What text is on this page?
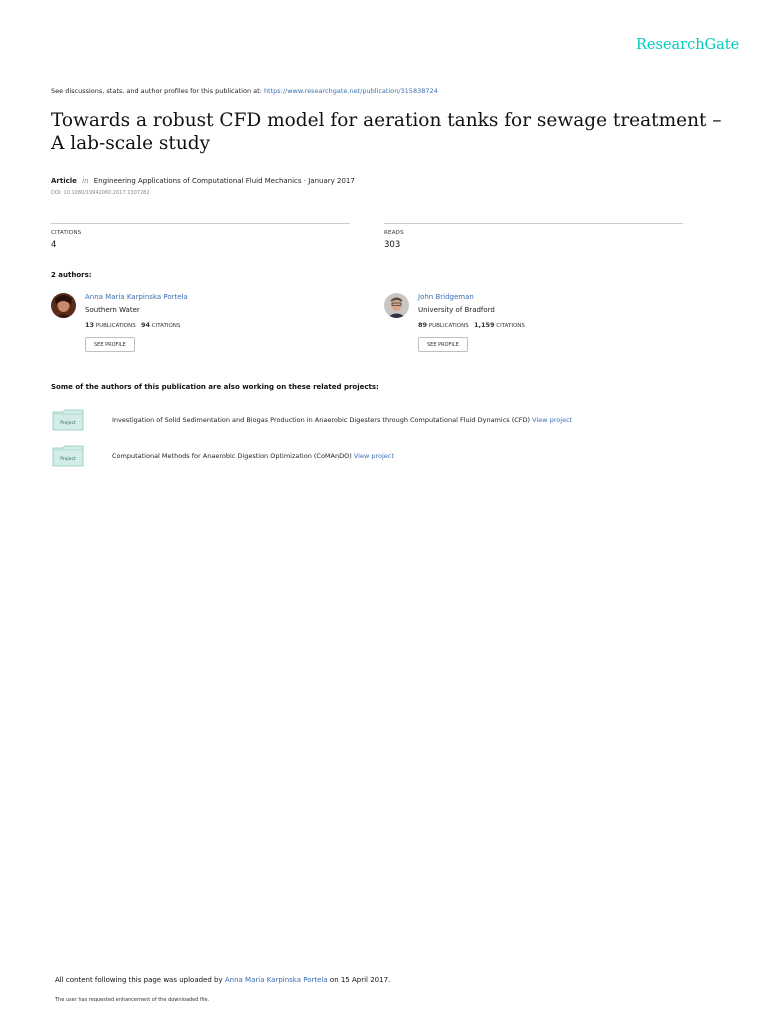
ResearchGate
See discussions, stats, and author profiles for this publication at: https://www.researchgate.net/publication/315838724
Towards a robust CFD model for aeration tanks for sewage treatment – A lab-scale study
Article in Engineering Applications of Computational Fluid Mechanics · January 2017
DOI: 10.1080/19942060.2017.1307282
CITATIONS
4
READS
303
2 authors:
Anna Maria Karpinska Portela
Southern Water
13 PUBLICATIONS 94 CITATIONS
SEE PROFILE
John Bridgeman
University of Bradford
89 PUBLICATIONS 1,159 CITATIONS
SEE PROFILE
Some of the authors of this publication are also working on these related projects:
Project	Investigation of Solid Sedimentation and Biogas Production in Anaerobic Digesters through Computational Fluid Dynamics (CFD) View project
Project	Computational Methods for Anaerobic Digestion Optimization (CoMAnDO) View project
All content following this page was uploaded by Anna Maria Karpinska Portela on 15 April 2017.
The user has requested enhancement of the downloaded file.
